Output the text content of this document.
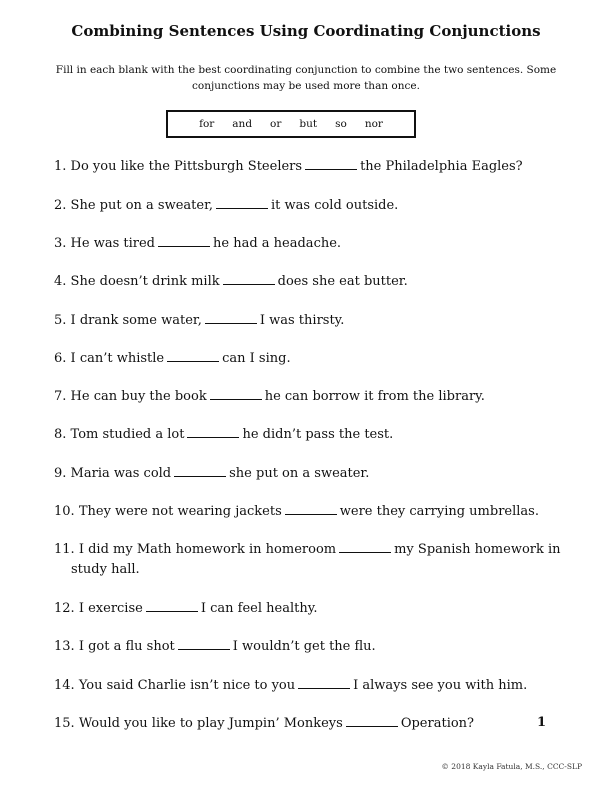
Combining Sentences Using Coordinating Conjunctions
Fill in each blank with the best coordinating conjunction to combine the two sentences. Some conjunctions may be used more than once.
for and or but so nor
1. Do you like the Pittsburgh Steelers	the Philadelphia Eagles?
2. She put on a sweater,	it was cold outside.
3. He was tired	he had a headache.
4. She doesn’t drink milk	does she eat butter.
5. I drank some water,	I was thirsty.
6. I can’t whistle	can I sing.
7. He can buy the book	he can borrow it from the library.
8. Tom studied a lot	he didn’t pass the test.
9. Maria was cold	she put on a sweater.
10. They were not wearing jackets	were they carrying umbrellas.
11. I did my Math homework in homeroom	my Spanish homework in
study hall.
12. I exercise	I can feel healthy.
13. I got a flu shot	I wouldn’t get the flu.
14. You said Charlie isn’t nice to you	I always see you with him.
15. Would you like to play Jumpin’ Monkeys	Operation?	1
© 2018 Kayla Fatula, M.S., CCC-SLP
